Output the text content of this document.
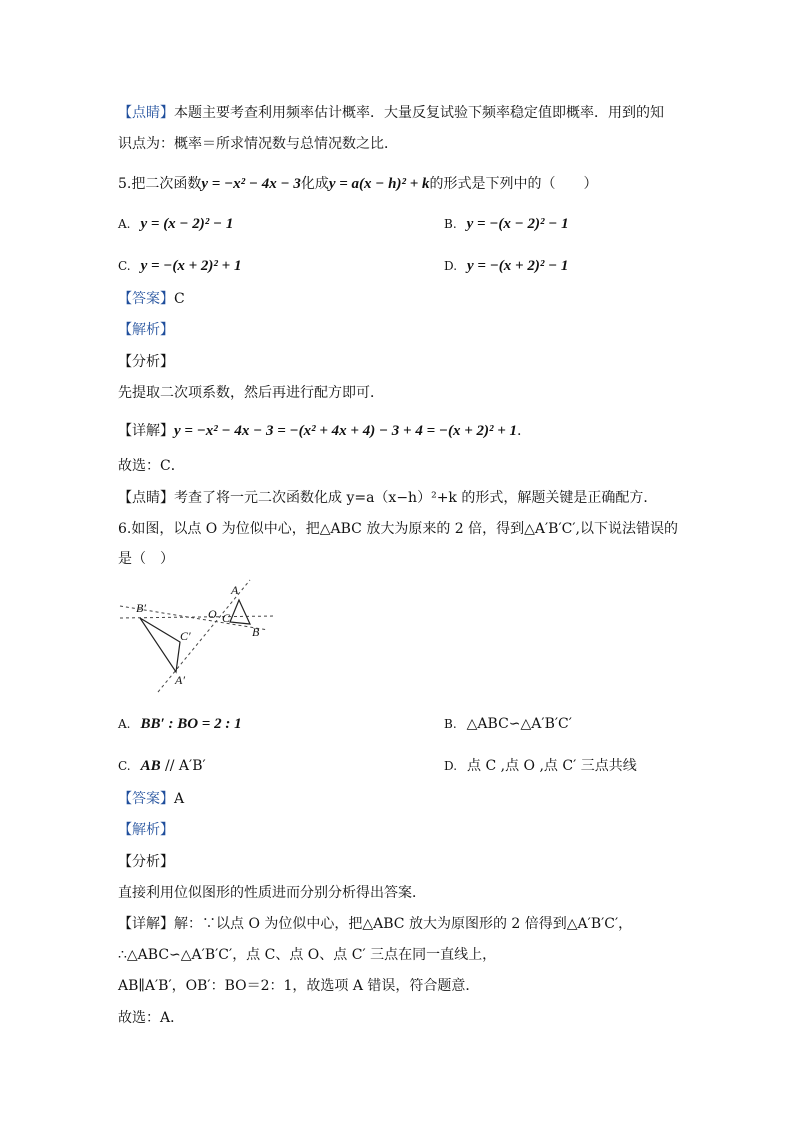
【点睛】本题主要考查利用频率估计概率．大量反复试验下频率稳定值即概率．用到的知
识点为：概率＝所求情况数与总情况数之比．
5.把二次函数y = −x² − 4x − 3化成y = a(x − h)² + k的形式是下列中的（　　）
A. y = (x − 2)² − 1	B. y = −(x − 2)² − 1
C. y = −(x + 2)² + 1	D. y = −(x + 2)² − 1
【答案】C
【解析】
【分析】
先提取二次项系数，然后再进行配方即可．
【详解】y = −x² − 4x − 3 = −(x² + 4x + 4) − 3 + 4 = −(x + 2)² + 1.
故选：C．
【点睛】考查了将一元二次函数化成 y=a（x−h）²+k 的形式，解题关键是正确配方．
6.如图，以点 O 为位似中心，把△ABC 放大为原来的 2 倍，得到△A′B′C′,以下说法错误的
是（　）
B′
C′
A′
O
A
C
B
A. BB′ : BO = 2 : 1	B. △ABC∽△A′B′C′
C. AB // A′B′	D. 点 C ,点 O ,点 C′ 三点共线
【答案】A
【解析】
【分析】
直接利用位似图形的性质进而分别分析得出答案．
【详解】解：∵以点 O 为位似中心，把△ABC 放大为原图形的 2 倍得到△A′B′C′，
∴△ABC∽△A′B′C′，点 C、点 O、点 C′ 三点在同一直线上，
AB∥A′B′，OB′：BO＝2：1，故选项 A 错误，符合题意．
故选：A．
